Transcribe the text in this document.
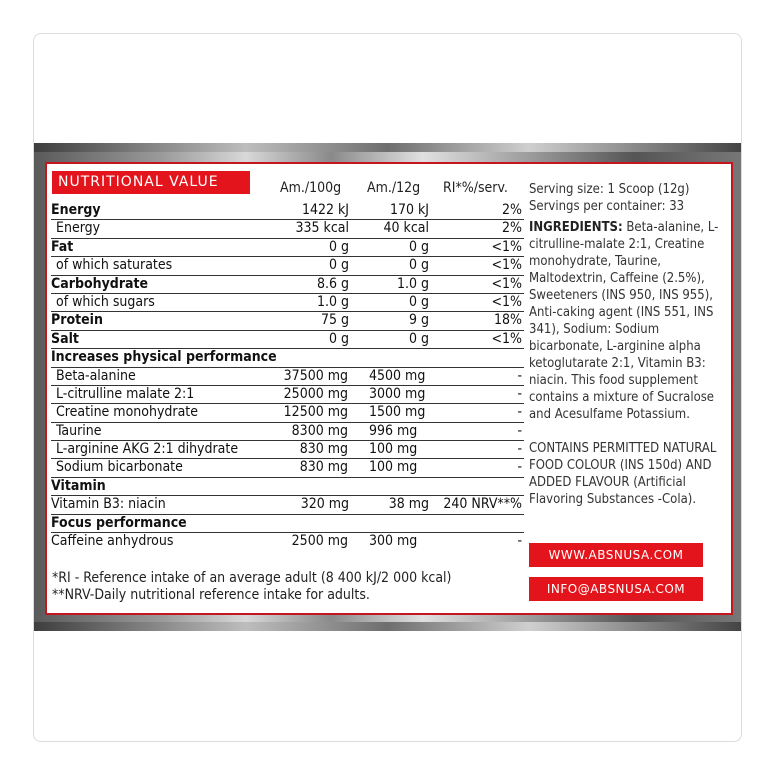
NUTRITIONAL VALUE	Am./100g Am./12g RI*%/serv.
Energy	1422 kJ	170 kJ	2%
Energy	335 kcal 40 kcal	2%
Fat	0 g	0 g	<1%
of which saturates	0 g	0 g	<1%
Carbohydrate	8.6 g	1.0 g	<1%
of which sugars	1.0 g	0 g	<1%
Protein	75 g	9 g	18%
Salt	0 g	0 g	<1%
Increases physical performance
Beta-alanine	37500 mg 4500 mg	-
L-citrulline malate 2:1	25000 mg 3000 mg	-
Creatine monohydrate	12500 mg 1500 mg	-
Taurine	8300 mg 996 mg	-
L-arginine AKG 2:1 dihydrate	830 mg 100 mg	-
Sodium bicarbonate	830 mg 100 mg	-
Vitamin
Vitamin B3: niacin	320 mg	38 mg 240 NRV**%
Focus performance
Caffeine anhydrous	2500 mg 300 mg	-
*RI - Reference intake of an average adult (8 400 kJ/2 000 kcal)
**NRV-Daily nutritional reference intake for adults.

Serving size: 1 Scoop (12g)

Servings per container: 33

INGREDIENTS: Beta-alanine, L-citrulline-malate 2:1, Creatine monohydrate, Taurine, Maltodextrin, Caffeine (2.5%), Sweeteners (INS 950, INS 955), Anti-caking agent (INS 551, INS 341), Sodium: Sodium bicarbonate, L-arginine alpha ketoglutarate 2:1, Vitamin B3: niacin. This food supplement contains a mixture of Sucralose and Acesulfame Potassium.

CONTAINS PERMITTED NATURAL FOOD COLOUR (INS 150d) AND ADDED FLAVOUR (Artificial Flavoring Substances -Cola).

WWW.ABSNUSA.COM
INFO@ABSNUSA.COM
